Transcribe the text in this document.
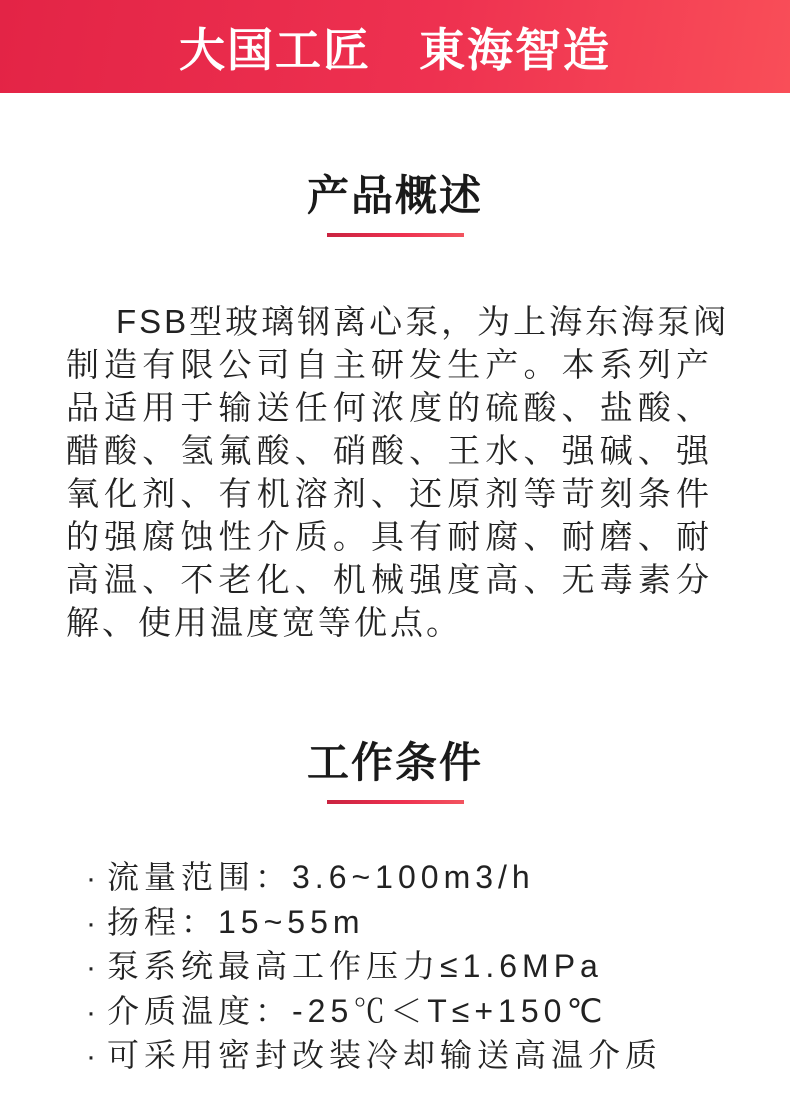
大国工匠　東海智造
产品概述
FSB型玻璃钢离心泵，为上海东海泵阀
制造有限公司自主研发生产。本系列产
品适用于输送任何浓度的硫酸、盐酸、
醋酸、氢氟酸、硝酸、王水、强碱、强
氧化剂、有机溶剂、还原剂等苛刻条件
的强腐蚀性介质。具有耐腐、耐磨、耐
高温、不老化、机械强度高、无毒素分
解、使用温度宽等优点。
工作条件
· 流量范围：3.6~100m3/h
· 扬程：15~55m
· 泵系统最高工作压力≤1.6MPa
· 介质温度：-25℃＜T≤+150℃
· 可采用密封改装冷却输送高温介质
